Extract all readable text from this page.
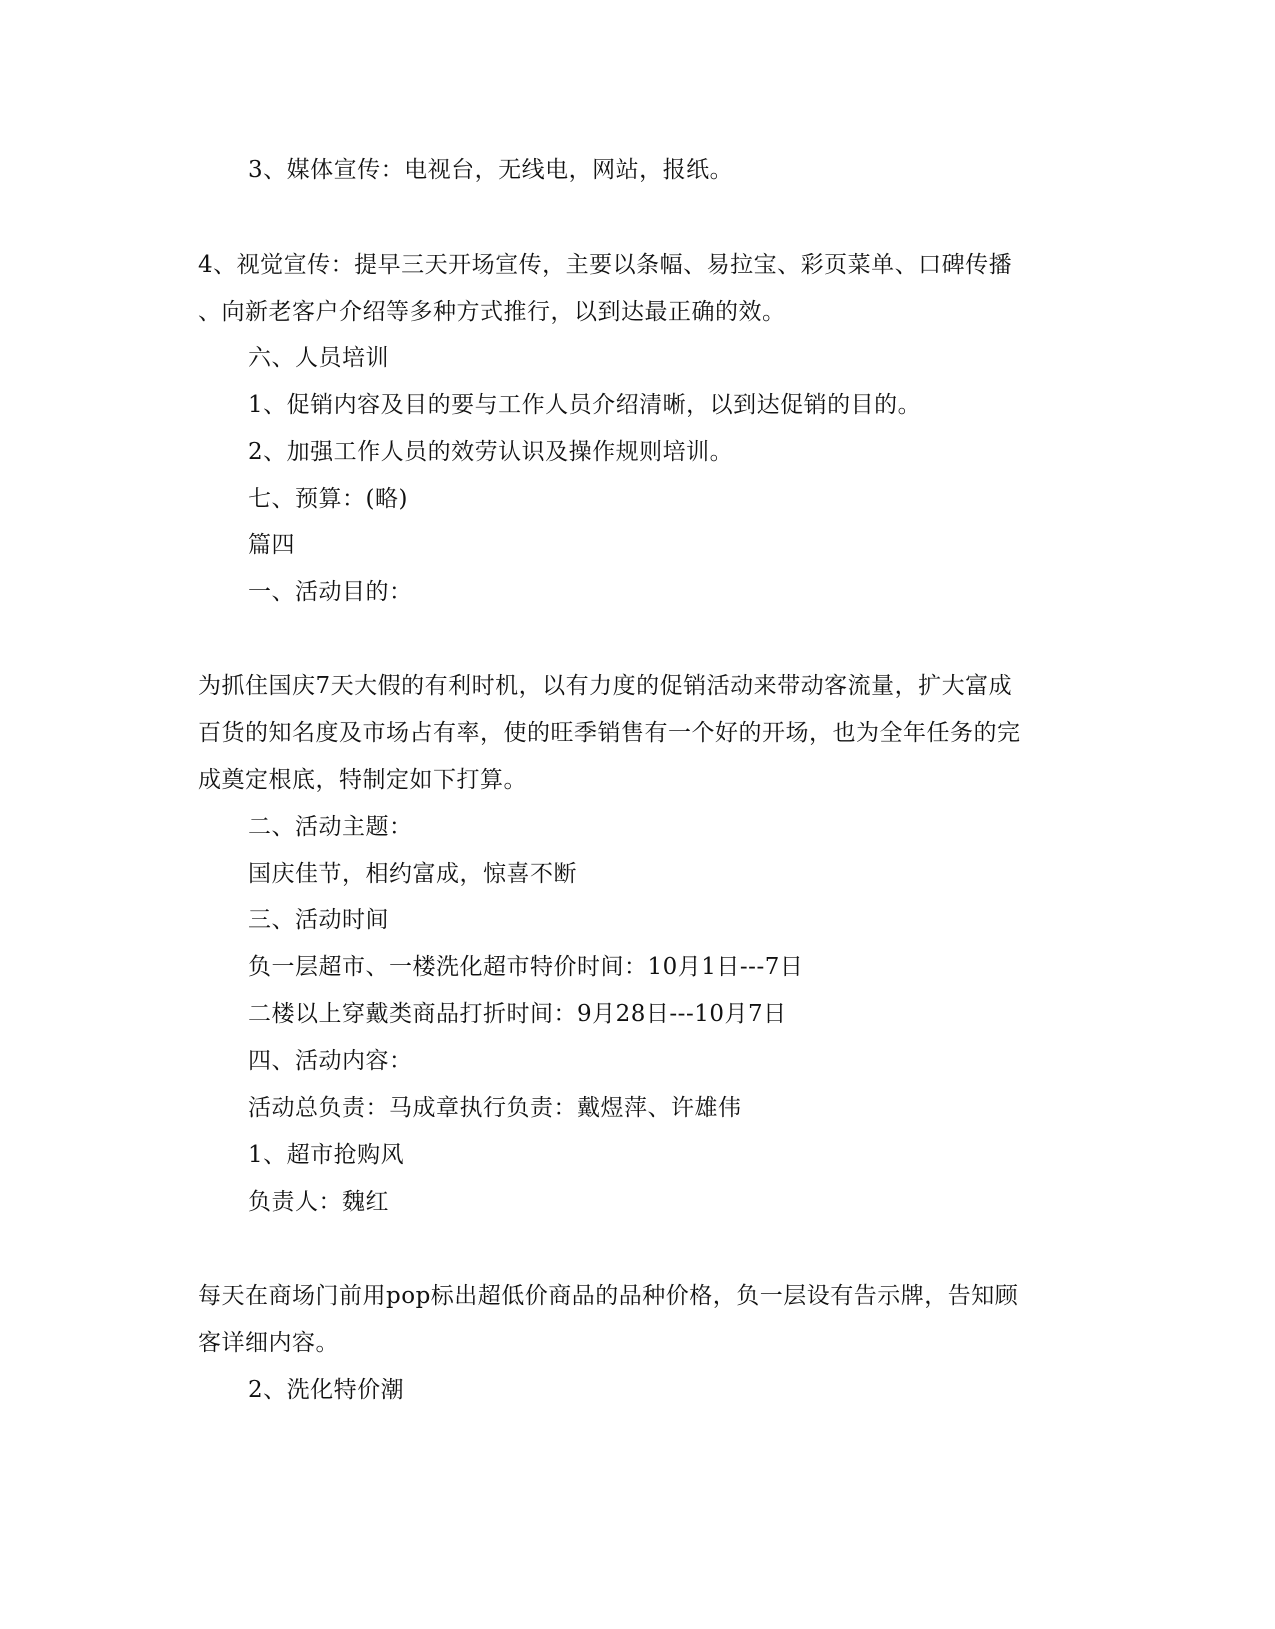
3、媒体宣传：电视台，无线电，网站，报纸。
4、视觉宣传：提早三天开场宣传，主要以条幅、易拉宝、彩页菜单、口碑传播
、向新老客户介绍等多种方式推行，以到达最正确的效。
六、人员培训
1、促销内容及目的要与工作人员介绍清晰，以到达促销的目的。
2、加强工作人员的效劳认识及操作规则培训。
七、预算：(略)
篇四
一、活动目的：
为抓住国庆7天大假的有利时机，以有力度的促销活动来带动客流量，扩大富成
百货的知名度及市场占有率，使的旺季销售有一个好的开场，也为全年任务的完
成奠定根底，特制定如下打算。
二、活动主题：
国庆佳节，相约富成，惊喜不断
三、活动时间
负一层超市、一楼洗化超市特价时间：10月1日---7日
二楼以上穿戴类商品打折时间：9月28日---10月7日
四、活动内容：
活动总负责：马成章执行负责：戴煜萍、许雄伟
1、超市抢购风
负责人：魏红
每天在商场门前用pop标出超低价商品的品种价格，负一层设有告示牌，告知顾
客详细内容。
2、洗化特价潮
